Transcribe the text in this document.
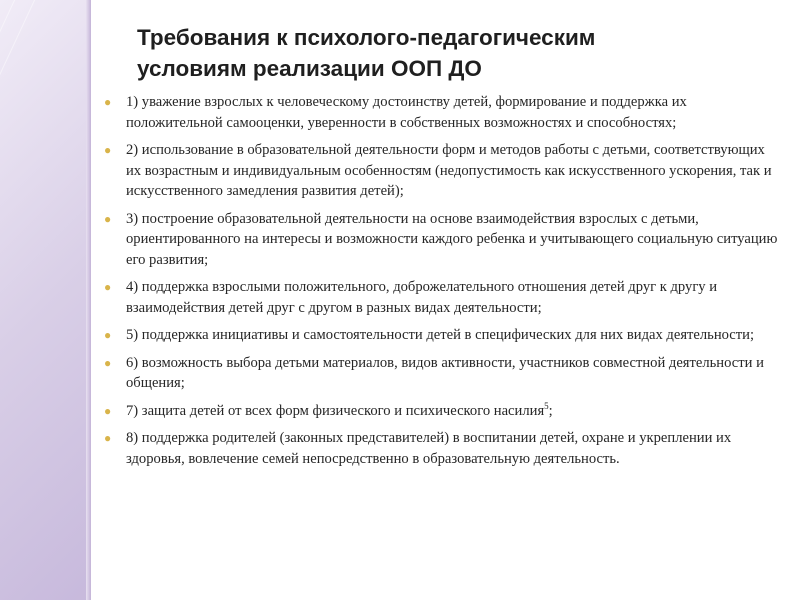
Требования к психолого-педагогическим
условиям реализации ООП ДО
●	1) уважение взрослых к человеческому достоинству детей, формирование и поддержка их положительной самооценки, уверенности в собственных возможностях и способностях;
●	2) использование в образовательной деятельности форм и методов работы с детьми, соответствующих их возрастным и индивидуальным особенностям (недопустимость как искусственного ускорения, так и искусственного замедления развития детей);
●	3) построение образовательной деятельности на основе взаимодействия взрослых с детьми, ориентированного на интересы и возможности каждого ребенка и учитывающего социальную ситуацию его развития;
●	4) поддержка взрослыми положительного, доброжелательного отношения детей друг к другу и взаимодействия детей друг с другом в разных видах деятельности;
●	5) поддержка инициативы и самостоятельности детей в специфических для них видах деятельности;
●	6) возможность выбора детьми материалов, видов активности, участников совместной деятельности и общения;
●	7) защита детей от всех форм физического и психического насилия$^5$;
●	8) поддержка родителей (законных представителей) в воспитании детей, охране и укреплении их здоровья, вовлечение семей непосредственно в образовательную деятельность.
